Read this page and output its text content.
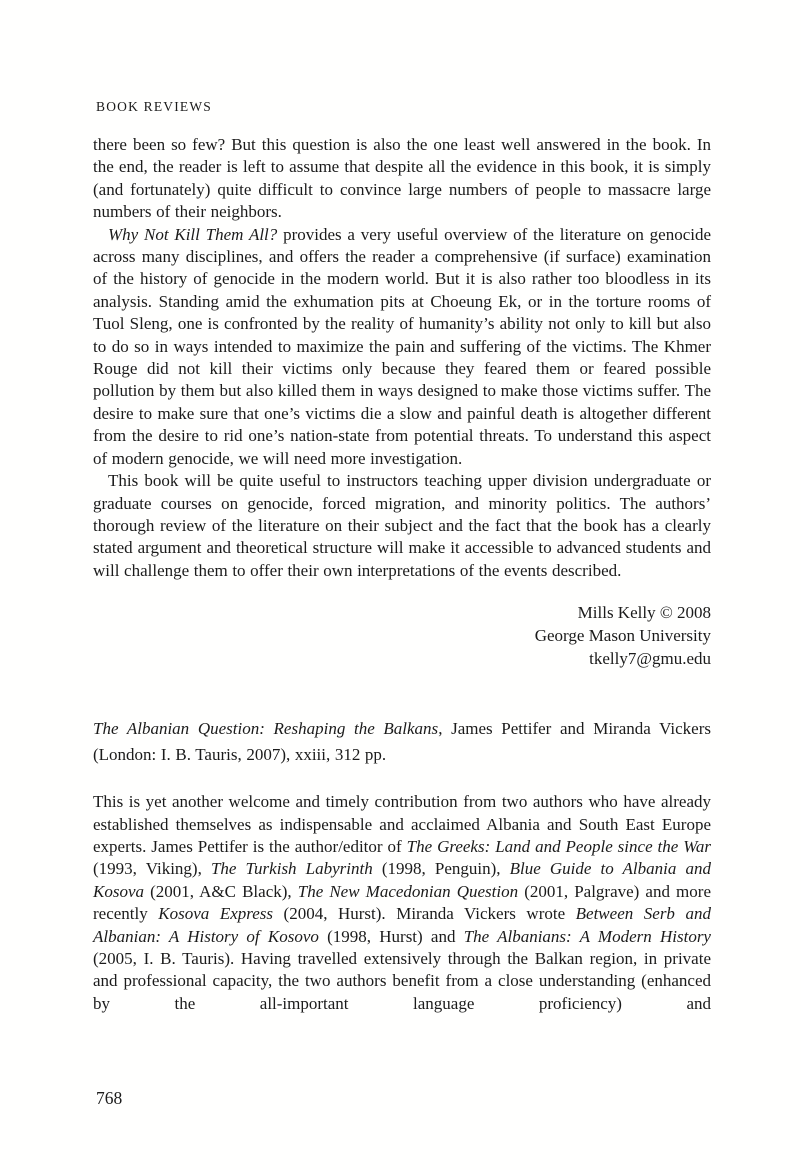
BOOK REVIEWS

there been so few? But this question is also the one least well answered in the book. In the end, the reader is left to assume that despite all the evidence in this book, it is simply (and fortunately) quite difficult to convince large numbers of people to massacre large numbers of their neighbors.

Why Not Kill Them All? provides a very useful overview of the literature on genocide across many disciplines, and offers the reader a comprehensive (if surface) examination of the history of genocide in the modern world. But it is also rather too bloodless in its analysis. Standing amid the exhumation pits at Choeung Ek, or in the torture rooms of Tuol Sleng, one is confronted by the reality of humanity’s ability not only to kill but also to do so in ways intended to maximize the pain and suffering of the victims. The Khmer Rouge did not kill their victims only because they feared them or feared possible pollution by them but also killed them in ways designed to make those victims suffer. The desire to make sure that one’s victims die a slow and painful death is altogether different from the desire to rid one’s nation-state from potential threats. To understand this aspect of modern genocide, we will need more investigation.

This book will be quite useful to instructors teaching upper division undergraduate or graduate courses on genocide, forced migration, and minority politics. The authors’ thorough review of the literature on their subject and the fact that the book has a clearly stated argument and theoretical structure will make it accessible to advanced students and will challenge them to offer their own interpretations of the events described.

Mills Kelly © 2008
George Mason University
tkelly7@gmu.edu

The Albanian Question: Reshaping the Balkans, James Pettifer and Miranda Vickers (London: I. B. Tauris, 2007), xxiii, 312 pp.

This is yet another welcome and timely contribution from two authors who have already established themselves as indispensable and acclaimed Albania and South East Europe experts. James Pettifer is the author/editor of The Greeks: Land and People since the War (1993, Viking), The Turkish Labyrinth (1998, Penguin), Blue Guide to Albania and Kosova (2001, A&C Black), The New Macedonian Question (2001, Palgrave) and more recently Kosova Express (2004, Hurst). Miranda Vickers wrote Between Serb and Albanian: A History of Kosovo (1998, Hurst) and The Albanians: A Modern History (2005, I. B. Tauris). Having travelled extensively through the Balkan region, in private and professional capacity, the two authors benefit from a close understanding (enhanced by the all-important language proficiency) and

768
